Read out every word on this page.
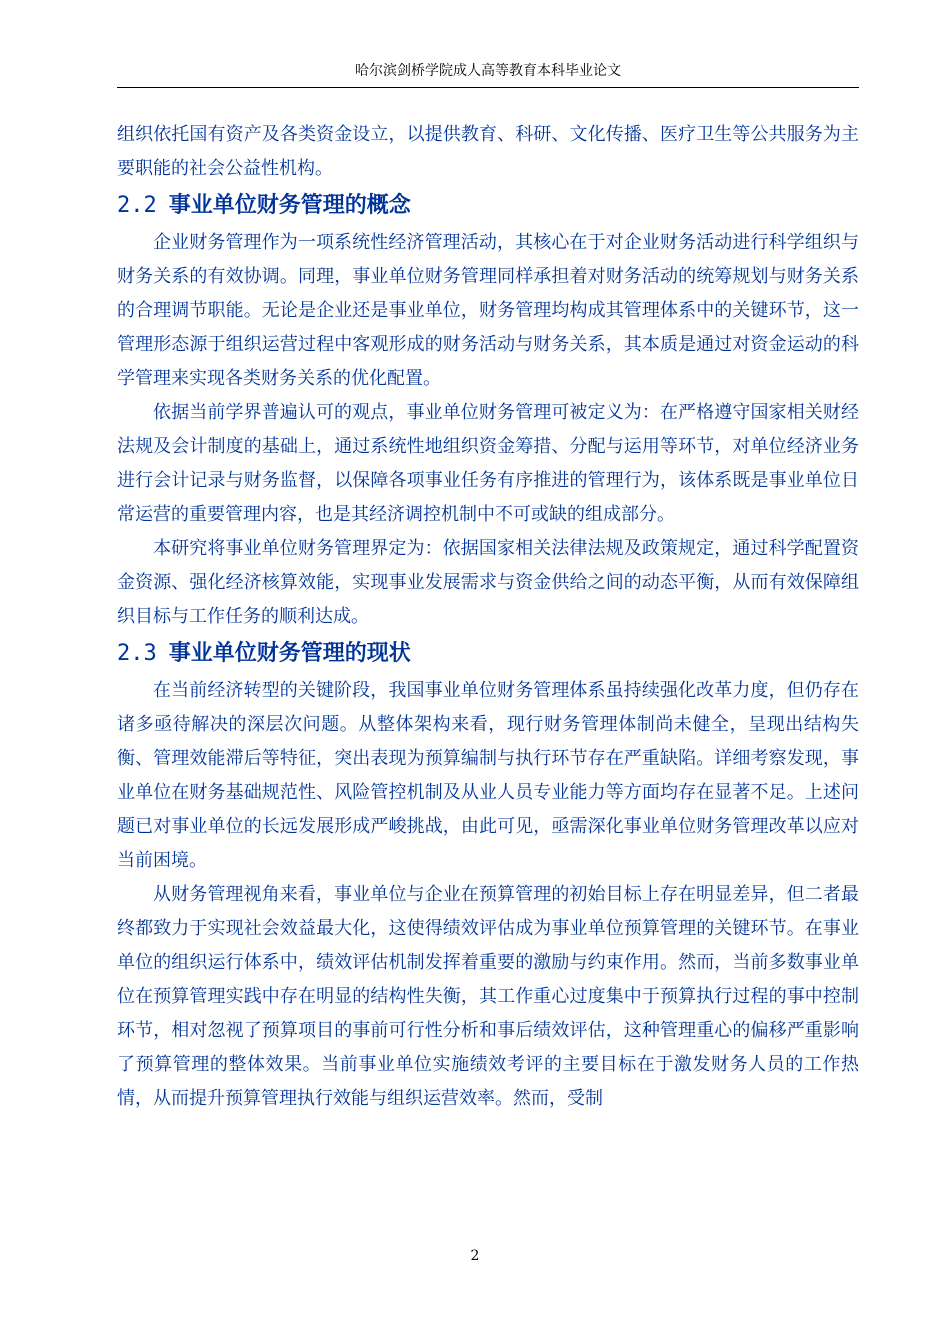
哈尔滨剑桥学院成人高等教育本科毕业论文

组织依托国有资产及各类资金设立，以提供教育、科研、文化传播、医疗卫生等公共服务为主要职能的社会公益性机构。

2.2 事业单位财务管理的概念

企业财务管理作为一项系统性经济管理活动，其核心在于对企业财务活动进行科学组织与财务关系的有效协调。同理，事业单位财务管理同样承担着对财务活动的统筹规划与财务关系的合理调节职能。无论是企业还是事业单位，财务管理均构成其管理体系中的关键环节，这一管理形态源于组织运营过程中客观形成的财务活动与财务关系，其本质是通过对资金运动的科学管理来实现各类财务关系的优化配置。

依据当前学界普遍认可的观点，事业单位财务管理可被定义为：在严格遵守国家相关财经法规及会计制度的基础上，通过系统性地组织资金筹措、分配与运用等环节，对单位经济业务进行会计记录与财务监督，以保障各项事业任务有序推进的管理行为，该体系既是事业单位日常运营的重要管理内容，也是其经济调控机制中不可或缺的组成部分。

本研究将事业单位财务管理界定为：依据国家相关法律法规及政策规定，通过科学配置资金资源、强化经济核算效能，实现事业发展需求与资金供给之间的动态平衡，从而有效保障组织目标与工作任务的顺利达成。

2.3 事业单位财务管理的现状

在当前经济转型的关键阶段，我国事业单位财务管理体系虽持续强化改革力度，但仍存在诸多亟待解决的深层次问题。从整体架构来看，现行财务管理体制尚未健全，呈现出结构失衡、管理效能滞后等特征，突出表现为预算编制与执行环节存在严重缺陷。详细考察发现，事业单位在财务基础规范性、风险管控机制及从业人员专业能力等方面均存在显著不足。上述问题已对事业单位的长远发展形成严峻挑战，由此可见，亟需深化事业单位财务管理改革以应对当前困境。

从财务管理视角来看，事业单位与企业在预算管理的初始目标上存在明显差异，但二者最终都致力于实现社会效益最大化，这使得绩效评估成为事业单位预算管理的关键环节。在事业单位的组织运行体系中，绩效评估机制发挥着重要的激励与约束作用。然而，当前多数事业单位在预算管理实践中存在明显的结构性失衡，其工作重心过度集中于预算执行过程的事中控制环节，相对忽视了预算项目的事前可行性分析和事后绩效评估，这种管理重心的偏移严重影响了预算管理的整体效果。当前事业单位实施绩效考评的主要目标在于激发财务人员的工作热情，从而提升预算管理执行效能与组织运营效率。然而，受制

2
